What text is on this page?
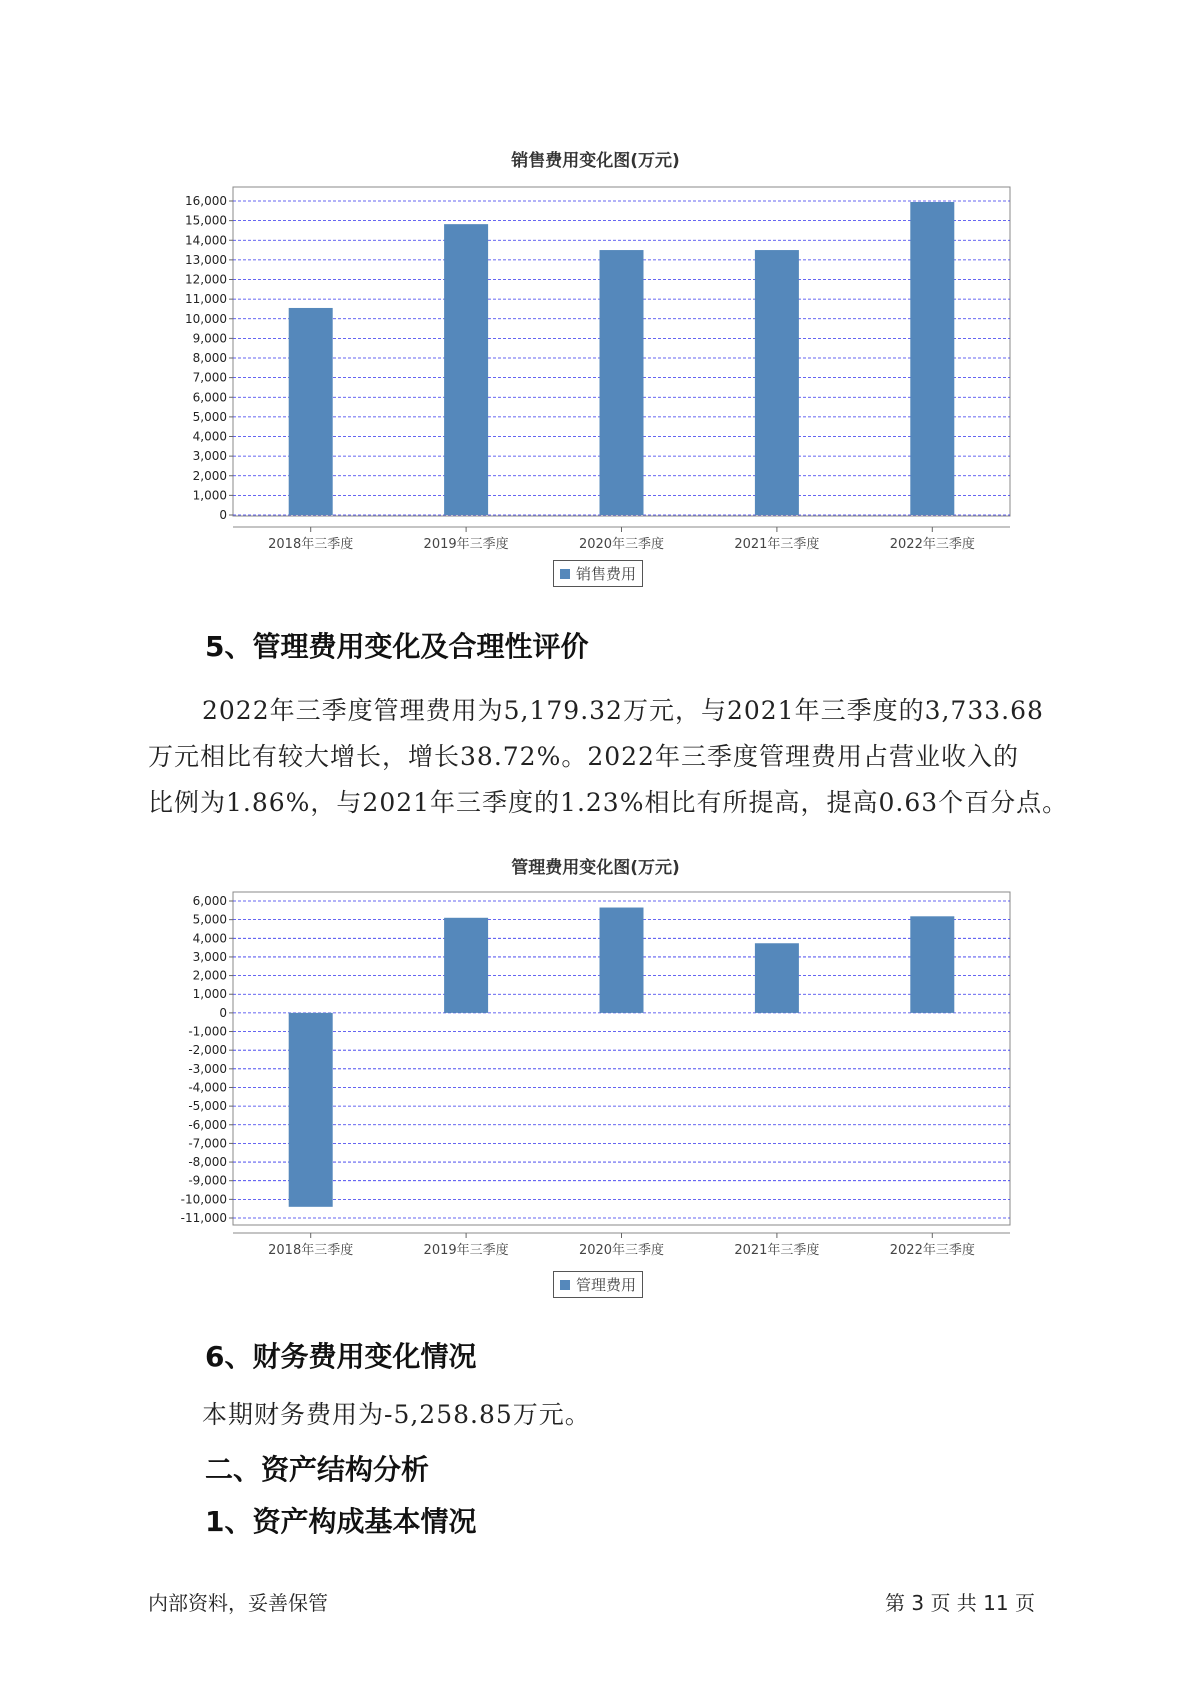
销售费用变化图(万元)
0
1,000
2,000
3,000
4,000
5,000
6,000
7,000
8,000
9,000
10,000
11,000
12,000
13,000
14,000
15,000
16,000
2018年三季度	2019年三季度	2020年三季度	2021年三季度	2022年三季度
销售费用
5、管理费用变化及合理性评价

2022年三季度管理费用为5,179.32万元，与2021年三季度的3,733.68
万元相比有较大增长，增长38.72%。2022年三季度管理费用占营业收入的
比例为1.86%，与2021年三季度的1.23%相比有所提高，提高0.63个百分点。

管理费用变化图(万元)
6,000
5,000
4,000
3,000
2,000
1,000
0
-1,000
-2,000
-3,000
-4,000
-5,000
-6,000
-7,000
-8,000
-9,000
-10,000
-11,000
2018年三季度	2019年三季度	2020年三季度	2021年三季度	2022年三季度
管理费用
6、财务费用变化情况

本期财务费用为-5,258.85万元。

二、资产结构分析
1、资产构成基本情况
内部资料，妥善保管	第 3 页 共 11 页
